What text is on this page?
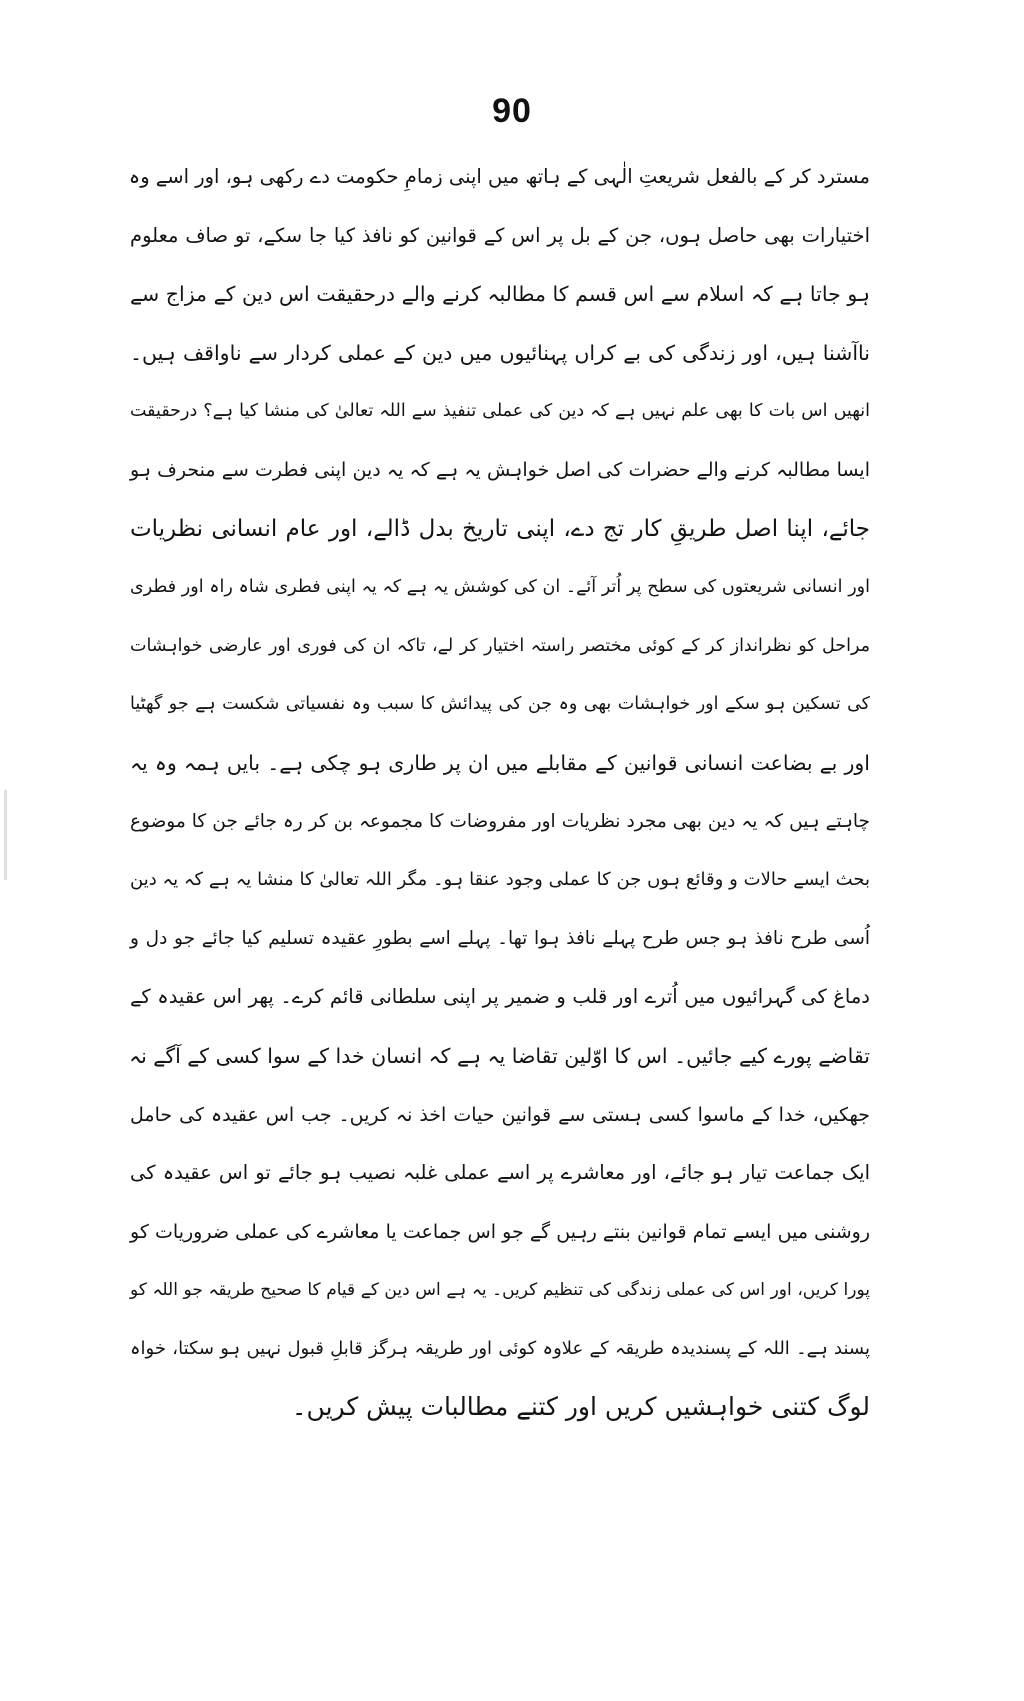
90
مسترد کر کے بالفعل شریعتِ الٰہی کے ہاتھ میں اپنی زمامِ حکومت دے رکھی ہو، اور اسے وہ
اختیارات بھی حاصل ہوں، جن کے بل پر اس کے قوانین کو نافذ کیا جا سکے، تو صاف معلوم
ہو جاتا ہے کہ اسلام سے اس قسم کا مطالبہ کرنے والے درحقیقت اس دین کے مزاج سے
ناآشنا ہیں، اور زندگی کی بے کراں پہنائیوں میں دین کے عملی کردار سے ناواقف ہیں۔
انھیں اس بات کا بھی علم نہیں ہے کہ دین کی عملی تنفیذ سے اللہ تعالیٰ کی منشا کیا ہے؟ درحقیقت
ایسا مطالبہ کرنے والے حضرات کی اصل خواہش یہ ہے کہ یہ دین اپنی فطرت سے منحرف ہو
جائے، اپنا اصل طریقِ کار تج دے، اپنی تاریخ بدل ڈالے، اور عام انسانی نظریات
اور انسانی شریعتوں کی سطح پر اُتر آئے۔ ان کی کوشش یہ ہے کہ یہ اپنی فطری شاہ راہ اور فطری
مراحل کو نظرانداز کر کے کوئی مختصر راستہ اختیار کر لے، تاکہ ان کی فوری اور عارضی خواہشات
کی تسکین ہو سکے اور خواہشات بھی وہ جن کی پیدائش کا سبب وہ نفسیاتی شکست ہے جو گھٹیا
اور بے بضاعت انسانی قوانین کے مقابلے میں ان پر طاری ہو چکی ہے۔ بایں ہمہ وہ یہ
چاہتے ہیں کہ یہ دین بھی مجرد نظریات اور مفروضات کا مجموعہ بن کر رہ جائے جن کا موضوع
بحث ایسے حالات و وقائع ہوں جن کا عملی وجود عنقا ہو۔ مگر اللہ تعالیٰ کا منشا یہ ہے کہ یہ دین
اُسی طرح نافذ ہو جس طرح پہلے نافذ ہوا تھا۔ پہلے اسے بطورِ عقیدہ تسلیم کیا جائے جو دل و
دماغ کی گہرائیوں میں اُترے اور قلب و ضمیر پر اپنی سلطانی قائم کرے۔ پھر اس عقیدہ کے
تقاضے پورے کیے جائیں۔ اس کا اوّلین تقاضا یہ ہے کہ انسان خدا کے سوا کسی کے آگے نہ
جھکیں، خدا کے ماسوا کسی ہستی سے قوانین حیات اخذ نہ کریں۔ جب اس عقیدہ کی حامل
ایک جماعت تیار ہو جائے، اور معاشرے پر اسے عملی غلبہ نصیب ہو جائے تو اس عقیدہ کی
روشنی میں ایسے تمام قوانین بنتے رہیں گے جو اس جماعت یا معاشرے کی عملی ضروریات کو
پورا کریں، اور اس کی عملی زندگی کی تنظیم کریں۔ یہ ہے اس دین کے قیام کا صحیح طریقہ جو اللہ کو
پسند ہے۔ اللہ کے پسندیدہ طریقہ کے علاوہ کوئی اور طریقہ ہرگز قابلِ قبول نہیں ہو سکتا، خواہ
لوگ کتنی خواہشیں کریں اور کتنے مطالبات پیش کریں۔
